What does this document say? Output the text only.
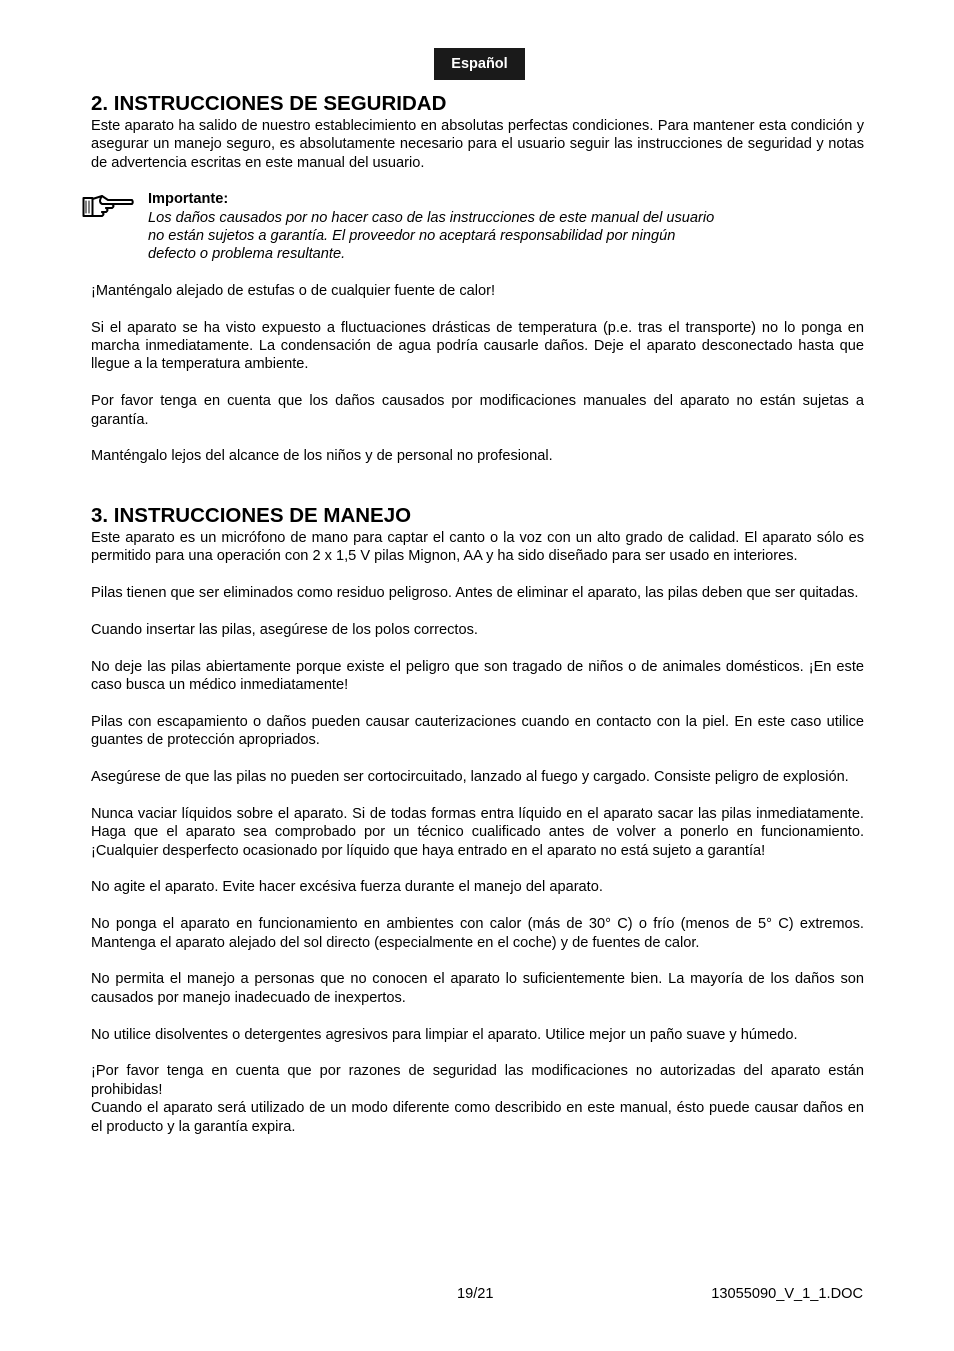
Español
2. INSTRUCCIONES DE SEGURIDAD

Este aparato ha salido de nuestro establecimiento en absolutas perfectas condiciones. Para mantener esta condición y asegurar un manejo seguro, es absolutamente necesario para el usuario seguir las instrucciones de seguridad y notas de advertencia escritas en este manual del usuario.

Importante:
Los daños causados por no hacer caso de las instrucciones de este manual del usuario
no están sujetos a garantía. El proveedor no aceptará responsabilidad por ningún
defecto o problema resultante.

¡Manténgalo alejado de estufas o de cualquier fuente de calor!

Si el aparato se ha visto expuesto a fluctuaciones drásticas de temperatura (p.e. tras el transporte) no lo ponga en marcha inmediatamente. La condensación de agua podría causarle daños. Deje el aparato desconectado hasta que llegue a la temperatura ambiente.

Por favor tenga en cuenta que los daños causados por modificaciones manuales del aparato no están sujetas a garantía.

Manténgalo lejos del alcance de los niños y de personal no profesional.

3. INSTRUCCIONES DE MANEJO

Este aparato es un micrófono de mano para captar el canto o la voz con un alto grado de calidad. El aparato sólo es permitido para una operación con 2 x 1,5 V pilas Mignon, AA y ha sido diseñado para ser usado en interiores.

Pilas tienen que ser eliminados como residuo peligroso. Antes de eliminar el aparato, las pilas deben que ser quitadas.

Cuando insertar las pilas, asegúrese de los polos correctos.

No deje las pilas abiertamente porque existe el peligro que son tragado de niños o de animales domésticos. ¡En este caso busca un médico inmediatamente!

Pilas con escapamiento o daños pueden causar cauterizaciones cuando en contacto con la piel. En este caso utilice guantes de protección apropriados.

Asegúrese de que las pilas no pueden ser cortocircuitado, lanzado al fuego y cargado. Consiste peligro de explosión.

Nunca vaciar líquidos sobre el aparato. Si de todas formas entra líquido en el aparato sacar las pilas inmediatamente. Haga que el aparato sea comprobado por un técnico cualificado antes de volver a ponerlo en funcionamiento. ¡Cualquier desperfecto ocasionado por líquido que haya entrado en el aparato no está sujeto a garantía!

No agite el aparato. Evite hacer excésiva fuerza durante el manejo del aparato.

No ponga el aparato en funcionamiento en ambientes con calor (más de 30° C) o frío (menos de 5° C) extremos. Mantenga el aparato alejado del sol directo (especialmente en el coche) y de fuentes de calor.

No permita el manejo a personas que no conocen el aparato lo suficientemente bien. La mayoría de los daños son causados por manejo inadecuado de inexpertos.

No utilice disolventes o detergentes agresivos para limpiar el aparato. Utilice mejor un paño suave y húmedo.

¡Por favor tenga en cuenta que por razones de seguridad las modificaciones no autorizadas del aparato están prohibidas!

Cuando el aparato será utilizado de un modo diferente como describido en este manual, ésto puede causar daños en el producto y la garantía expira.

19/21	13055090_V_1_1.DOC
